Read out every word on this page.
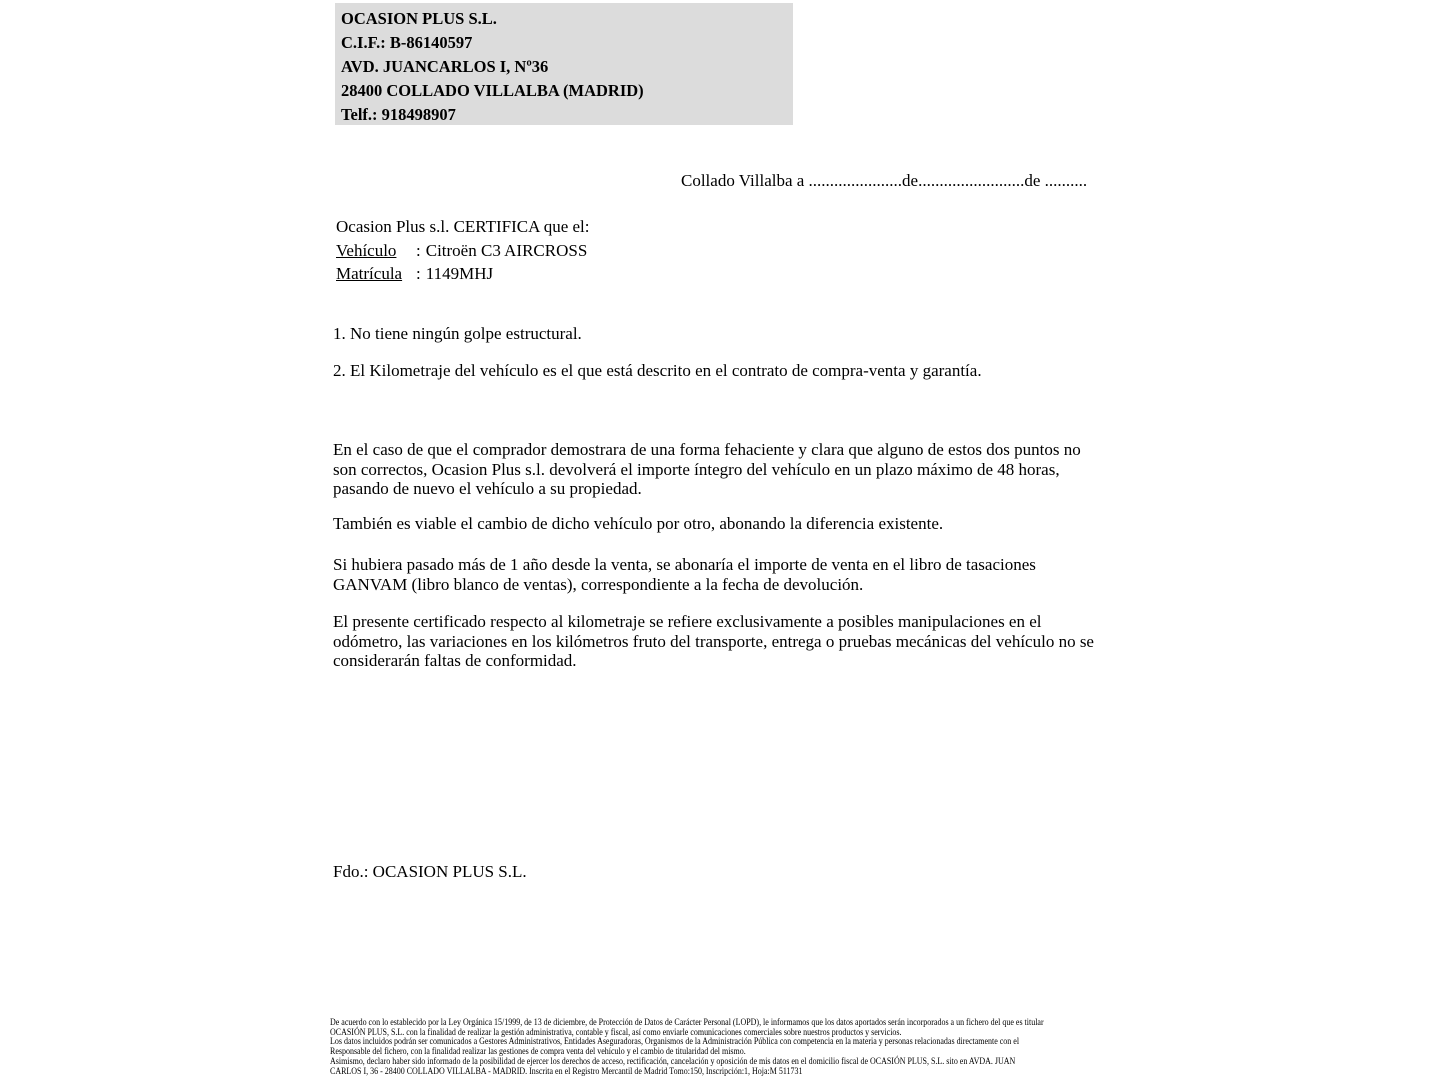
OCASION PLUS S.L.
C.I.F.: B-86140597
AVD. JUANCARLOS I, Nº36
28400 COLLADO VILLALBA (MADRID)
Telf.: 918498907
Collado Villalba a ......................de.........................de ..........
Ocasion Plus s.l. CERTIFICA que el:
Vehículo	: Citroën C3 AIRCROSS
Matrícula : 1149MHJ
1. No tiene ningún golpe estructural.
2. El Kilometraje del vehículo es el que está descrito en el contrato de compra-venta y garantía.
En el caso de que el comprador demostrara de una forma fehaciente y clara que alguno de estos dos puntos no son correctos, Ocasion Plus s.l. devolverá el importe íntegro del vehículo en un plazo máximo de 48 horas, pasando de nuevo el vehículo a su propiedad.
También es viable el cambio de dicho vehículo por otro, abonando la diferencia existente.
Si hubiera pasado más de 1 año desde la venta, se abonaría el importe de venta en el libro de tasaciones GANVAM (libro blanco de ventas), correspondiente a la fecha de devolución.
El presente certificado respecto al kilometraje se refiere exclusivamente a posibles manipulaciones en el odómetro, las variaciones en los kilómetros fruto del transporte, entrega o pruebas mecánicas del vehículo no se considerarán faltas de conformidad.
Fdo.: OCASION PLUS S.L.
De acuerdo con lo establecido por la Ley Orgánica 15/1999, de 13 de diciembre, de Protección de Datos de Carácter Personal (LOPD), le informamos que los datos aportados serán incorporados a un fichero del que es titular
OCASIÓN PLUS, S.L. con la finalidad de realizar la gestión administrativa, contable y fiscal, así como enviarle comunicaciones comerciales sobre nuestros productos y servicios.
Los datos incluidos podrán ser comunicados a Gestores Administrativos, Entidades Aseguradoras, Organismos de la Administración Pública con competencia en la materia y personas relacionadas directamente con el
Responsable del fichero, con la finalidad realizar las gestiones de compra venta del vehículo y el cambio de titularidad del mismo.
Asimismo, declaro haber sido informado de la posibilidad de ejercer los derechos de acceso, rectificación, cancelación y oposición de mis datos en el domicilio fiscal de OCASIÓN PLUS, S.L. sito en AVDA. JUAN
CARLOS I, 36 - 28400 COLLADO VILLALBA - MADRID. Inscrita en el Registro Mercantil de Madrid Tomo:150, Inscripción:1, Hoja:M 511731
